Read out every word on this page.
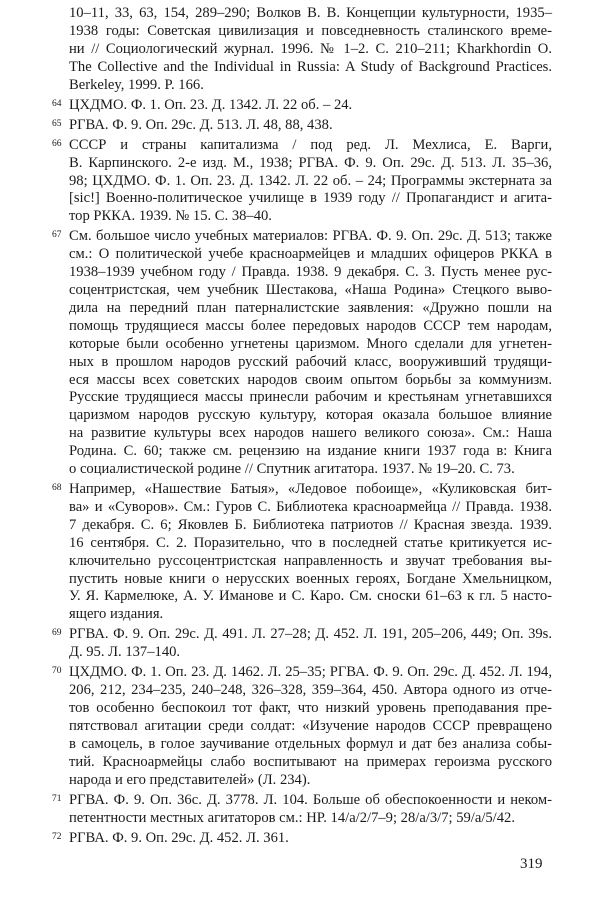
10–11, 33, 63, 154, 289–290; Волков В. В. Концепции культурности, 1935–
1938 годы: Советская цивилизация и повседневность сталинского време-
ни // Социологический журнал. 1996. № 1–2. С. 210–211; Kharkhordin O.
The Collective and the Individual in Russia: A Study of Background Practices.
Berkeley, 1999. P. 166.
64 ЦХДМО. Ф. 1. Оп. 23. Д. 1342. Л. 22 об. – 24.
65 РГВА. Ф. 9. Оп. 29с. Д. 513. Л. 48, 88, 438.
66 СССР и страны капитализма / под ред. Л. Мехлиса, Е. Варги,
В. Карпинского. 2-е изд. М., 1938; РГВА. Ф. 9. Оп. 29с. Д. 513. Л. 35–36,
98; ЦХДМО. Ф. 1. Оп. 23. Д. 1342. Л. 22 об. – 24; Программы экстерната за
[sic!] Военно-политическое училище в 1939 году // Пропагандист и агита-
тор РККА. 1939. № 15. С. 38–40.
67 См. большое число учебных материалов: РГВА. Ф. 9. Оп. 29с. Д. 513; также
см.: О политической учебе красноармейцев и младших офицеров РККА в
1938–1939 учебном году / Правда. 1938. 9 декабря. С. 3. Пусть менее рус-
соцентристская, чем учебник Шестакова, «Наша Родина» Стецкого выво-
дила на передний план патерналистские заявления: «Дружно пошли на
помощь трудящиеся массы более передовых народов СССР тем народам,
которые были особенно угнетены царизмом. Много сделали для угнетен-
ных в прошлом народов русский рабочий класс, вооруживший трудящи-
еся массы всех советских народов своим опытом борьбы за коммунизм.
Русские трудящиеся массы принесли рабочим и крестьянам угнетавшихся
царизмом народов русскую культуру, которая оказала большое влияние
на развитие культуры всех народов нашего великого союза». См.: Наша
Родина. С. 60; также см. рецензию на издание книги 1937 года в: Книга
о социалистической родине // Спутник агитатора. 1937. № 19–20. С. 73.
68 Например, «Нашествие Батыя», «Ледовое побоище», «Куликовская бит-
ва» и «Суворов». См.: Гуров С. Библиотека красноармейца // Правда. 1938.
7 декабря. С. 6; Яковлев Б. Библиотека патриотов // Красная звезда. 1939.
16 сентября. С. 2. Поразительно, что в последней статье критикуется ис-
ключительно руссоцентристская направленность и звучат требования вы-
пустить новые книги о нерусских военных героях, Богдане Хмельницком,
У. Я. Кармелюке, А. У. Иманове и С. Каро. См. сноски 61–63 к гл. 5 насто-
ящего издания.
69 РГВА. Ф. 9. Оп. 29с. Д. 491. Л. 27–28; Д. 452. Л. 191, 205–206, 449; Оп. 39s.
Д. 95. Л. 137–140.
70 ЦХДМО. Ф. 1. Оп. 23. Д. 1462. Л. 25–35; РГВА. Ф. 9. Оп. 29с. Д. 452. Л. 194,
206, 212, 234–235, 240–248, 326–328, 359–364, 450. Автора одного из отче-
тов особенно беспокоил тот факт, что низкий уровень преподавания пре-
пятствовал агитации среди солдат: «Изучение народов СССР превращено
в самоцель, в голое заучивание отдельных формул и дат без анализа собы-
тий. Красноармейцы слабо воспитывают на примерах героизма русского
народа и его представителей» (Л. 234).
71 РГВА. Ф. 9. Оп. 36с. Д. 3778. Л. 104. Больше об обеспокоенности и неком-
петентности местных агитаторов см.: HP. 14/a/2/7–9; 28/a/3/7; 59/a/5/42.
72 РГВА. Ф. 9. Оп. 29с. Д. 452. Л. 361.
319
